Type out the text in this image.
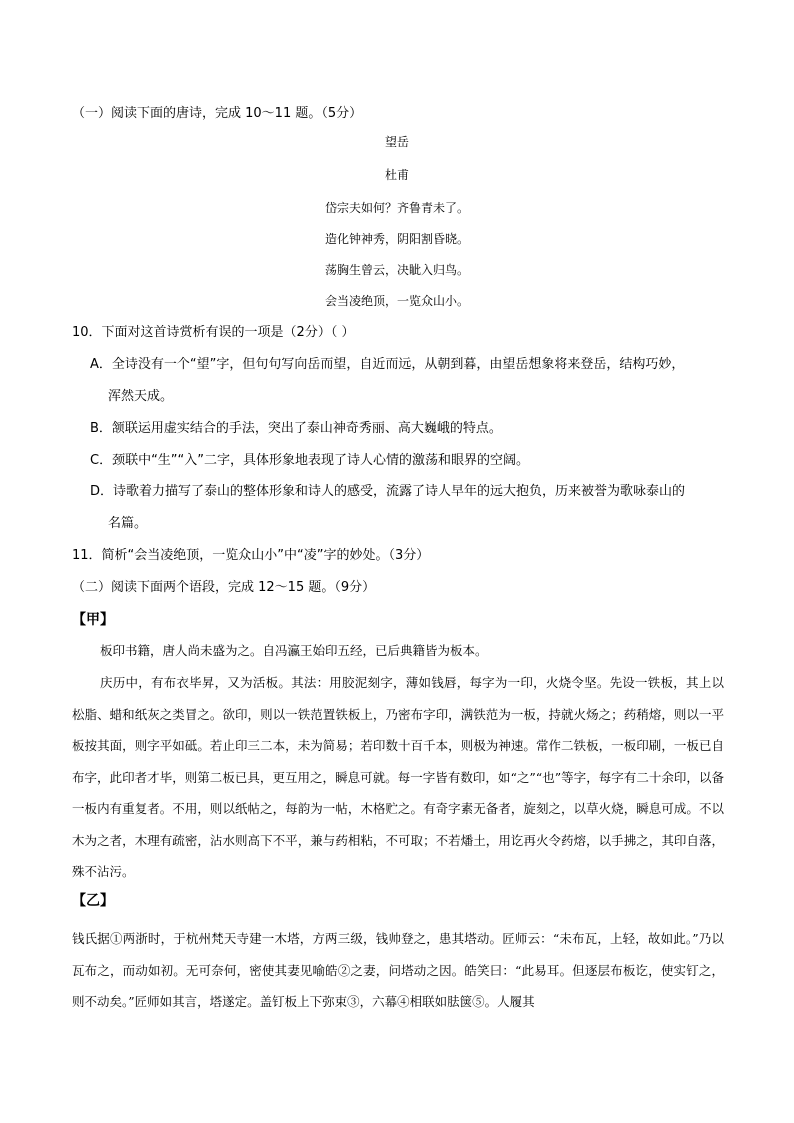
（一）阅读下面的唐诗，完成 10～11 题。（5分）
望岳
杜甫
岱宗夫如何？齐鲁青未了。
造化钟神秀，阴阳割昏晓。
荡胸生曾云，决眦入归鸟。
会当凌绝顶，一览众山小。
10．下面对这首诗赏析有误的一项是（2分）（ ）
A．全诗没有一个“望”字，但句句写向岳而望，自近而远，从朝到暮，由望岳想象将来登岳，结构巧妙，
浑然天成。
B．颔联运用虚实结合的手法，突出了泰山神奇秀丽、高大巍峨的特点。
C．颈联中“生”“入”二字，具体形象地表现了诗人心情的激荡和眼界的空阔。
D．诗歌着力描写了泰山的整体形象和诗人的感受，流露了诗人早年的远大抱负，历来被誉为歌咏泰山的
名篇。
11．简析“会当凌绝顶，一览众山小”中“凌”字的妙处。（3分）
（二）阅读下面两个语段，完成 12～15 题。（9分）
【甲】
板印书籍，唐人尚未盛为之。自冯瀛王始印五经，已后典籍皆为板本。
庆历中，有布衣毕昇，又为活板。其法：用胶泥刻字，薄如钱唇，每字为一印，火烧令坚。先设一铁板，其上以松脂、蜡和纸灰之类冒之。欲印，则以一铁范置铁板上，乃密布字印，满铁范为一板，持就火炀之；药稍熔，则以一平板按其面，则字平如砥。若止印三二本，未为简易；若印数十百千本，则极为神速。常作二铁板，一板印刷，一板已自布字，此印者才毕，则第二板已具，更互用之，瞬息可就。每一字皆有数印，如“之”“也”等字，每字有二十余印，以备一板内有重复者。不用，则以纸帖之，每韵为一帖，木格贮之。有奇字素无备者，旋刻之，以草火烧，瞬息可成。不以木为之者，木理有疏密，沾水则高下不平，兼与药相粘，不可取；不若燔土，用讫再火令药熔，以手拂之，其印自落，殊不沾污。
【乙】
钱氏据①两浙时，于杭州梵天寺建一木塔，方两三级，钱帅登之，患其塔动。匠师云：“未布瓦，上轻，故如此。”乃以瓦布之，而动如初。无可奈何，密使其妻见喻皓②之妻，问塔动之因。皓笑曰：“此易耳。但逐层布板讫，使实钉之，则不动矣。”匠师如其言，塔遂定。盖钉板上下弥束③，六幕④相联如胠箧⑤。人履其
